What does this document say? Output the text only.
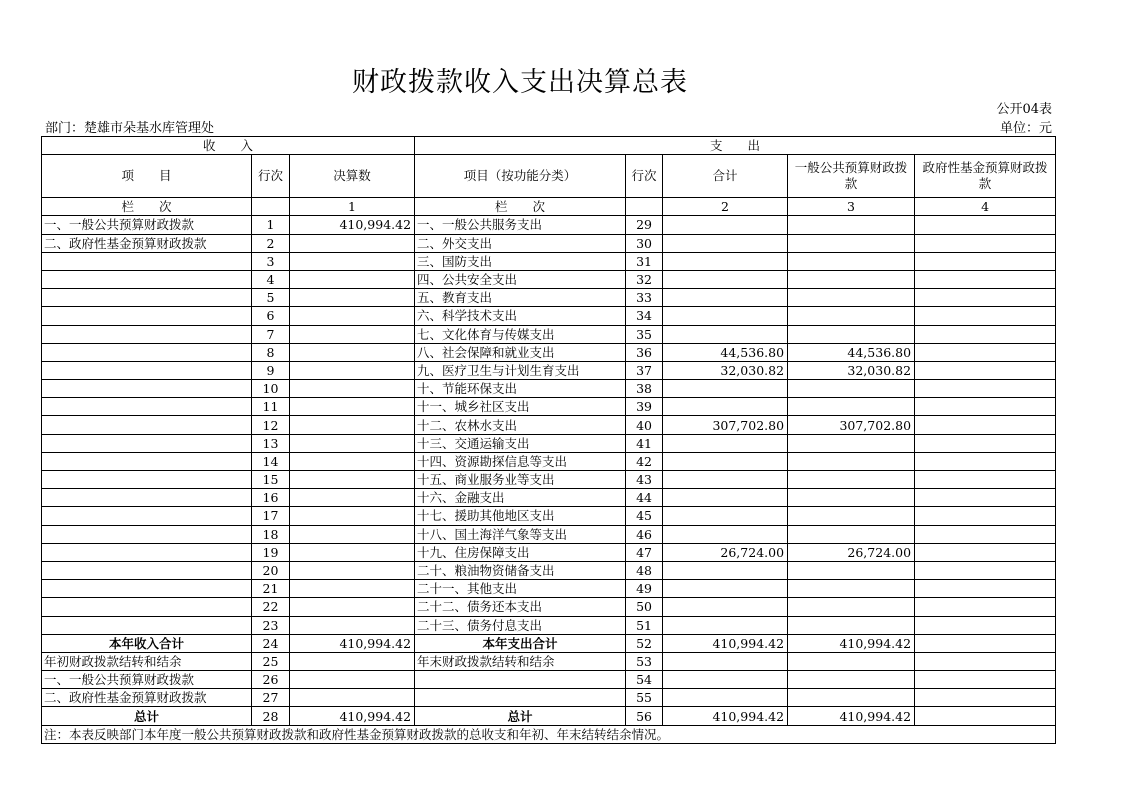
财政拨款收入支出决算总表
公开04表
部门：楚雄市朵基水库管理处	单位：元
收　　入			支　　出				
项　　目	行次	决算数	项目（按功能分类）	行次	合计	一般公共预算财政拨款	政府性基金预算财政拨款
栏　　次		1	栏　　次		2	3	4
一、一般公共预算财政拨款	1	410,994.42	一、一般公共服务支出	29			
二、政府性基金预算财政拨款	2		二、外交支出	30			
	3		三、国防支出	31			
	4		四、公共安全支出	32			
	5		五、教育支出	33			
	6		六、科学技术支出	34			
	7		七、文化体育与传媒支出	35			
	8		八、社会保障和就业支出	36	44,536.80	44,536.80	
	9		九、医疗卫生与计划生育支出	37	32,030.82	32,030.82	
	10		十、节能环保支出	38			
	11		十一、城乡社区支出	39			
	12		十二、农林水支出	40	307,702.80	307,702.80	
	13		十三、交通运输支出	41			
	14		十四、资源勘探信息等支出	42			
	15		十五、商业服务业等支出	43			
	16		十六、金融支出	44			
	17		十七、援助其他地区支出	45			
	18		十八、国土海洋气象等支出	46			
	19		十九、住房保障支出	47	26,724.00	26,724.00	
	20		二十、粮油物资储备支出	48			
	21		二十一、其他支出	49			
	22		二十二、债务还本支出	50			
	23		二十三、债务付息支出	51			
本年收入合计	24	410,994.42	本年支出合计	52	410,994.42	410,994.42	
年初财政拨款结转和结余	25		年末财政拨款结转和结余	53			
一、一般公共预算财政拨款	26			54			
二、政府性基金预算财政拨款	27			55			
总计	28	410,994.42	总计	56	410,994.42	410,994.42	
注：本表反映部门本年度一般公共预算财政拨款和政府性基金预算财政拨款的总收支和年初、年末结转结余情况。							
